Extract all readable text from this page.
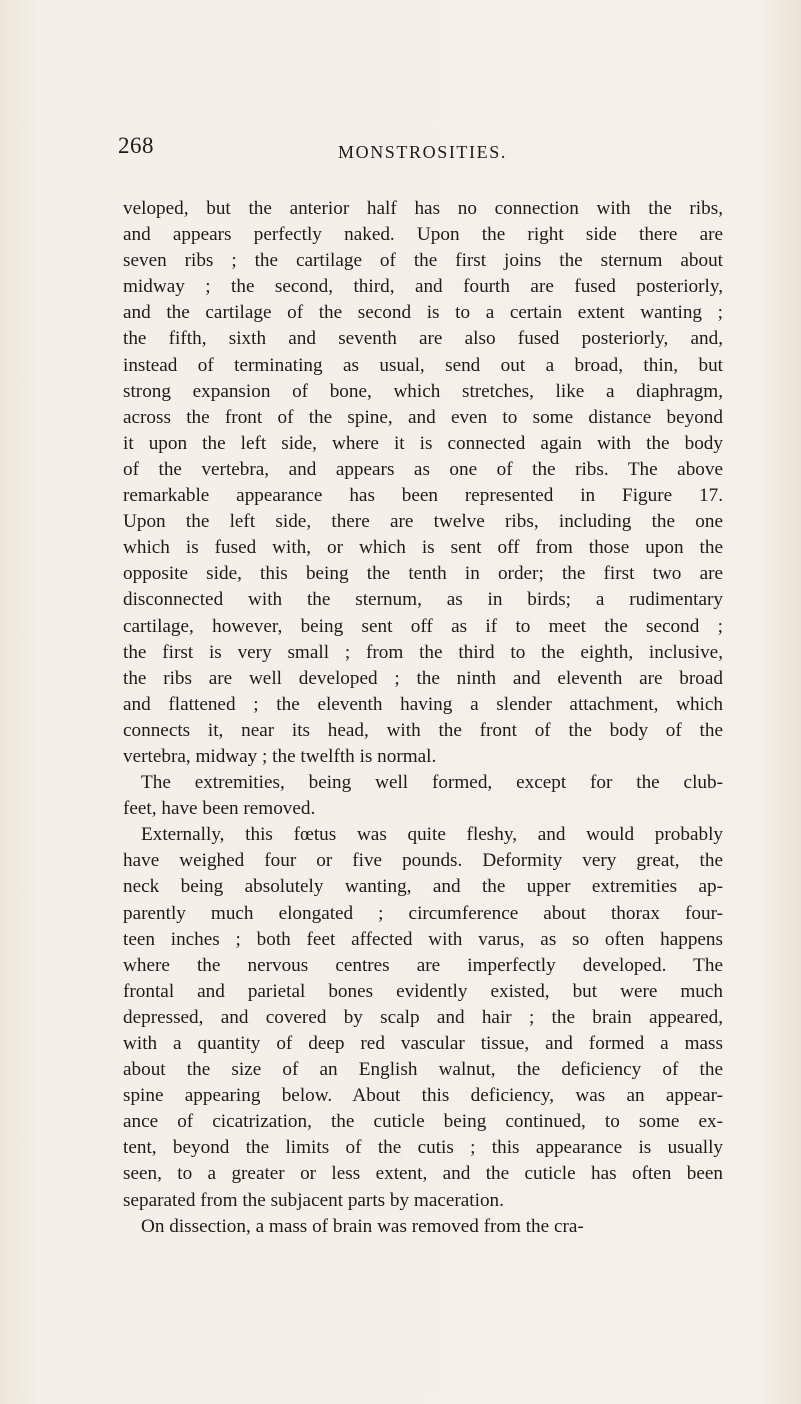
268	MONSTROSITIES.
veloped, but the anterior half has no connection with the ribs,
and appears perfectly naked. Upon the right side there are
seven ribs ; the cartilage of the first joins the sternum about
midway ; the second, third, and fourth are fused posteriorly,
and the cartilage of the second is to a certain extent wanting ;
the fifth, sixth and seventh are also fused posteriorly, and,
instead of terminating as usual, send out a broad, thin, but
strong expansion of bone, which stretches, like a diaphragm,
across the front of the spine, and even to some distance beyond
it upon the left side, where it is connected again with the body
of the vertebra, and appears as one of the ribs. The above
remarkable appearance has been represented in Figure 17.
Upon the left side, there are twelve ribs, including the one
which is fused with, or which is sent off from those upon the
opposite side, this being the tenth in order; the first two are
disconnected with the sternum, as in birds; a rudimentary
cartilage, however, being sent off as if to meet the second ;
the first is very small ; from the third to the eighth, inclusive,
the ribs are well developed ; the ninth and eleventh are broad
and flattened ; the eleventh having a slender attachment, which
connects it, near its head, with the front of the body of the
vertebra, midway ; the twelfth is normal.
The extremities, being well formed, except for the club-
feet, have been removed.
Externally, this fœtus was quite fleshy, and would probably
have weighed four or five pounds. Deformity very great, the
neck being absolutely wanting, and the upper extremities ap-
parently much elongated ; circumference about thorax four-
teen inches ; both feet affected with varus, as so often happens
where the nervous centres are imperfectly developed. The
frontal and parietal bones evidently existed, but were much
depressed, and covered by scalp and hair ; the brain appeared,
with a quantity of deep red vascular tissue, and formed a mass
about the size of an English walnut, the deficiency of the
spine appearing below. About this deficiency, was an appear-
ance of cicatrization, the cuticle being continued, to some ex-
tent, beyond the limits of the cutis ; this appearance is usually
seen, to a greater or less extent, and the cuticle has often been
separated from the subjacent parts by maceration.
On dissection, a mass of brain was removed from the cra-
